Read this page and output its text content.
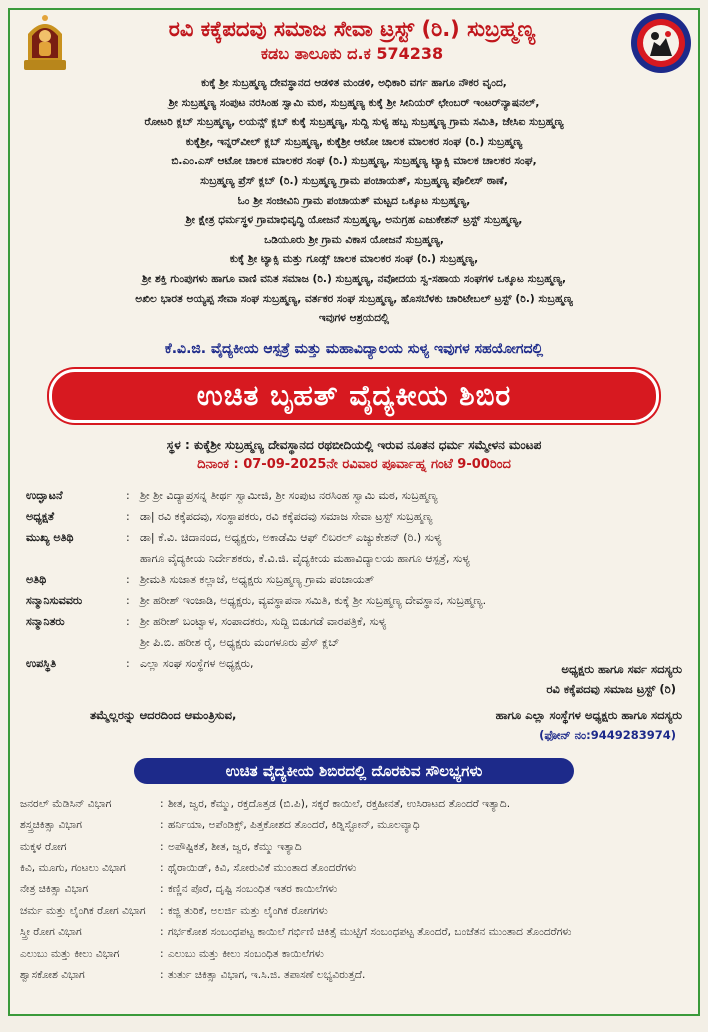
ರವಿ ಕಕ್ಕೆಪದವು ಸಮಾಜ ಸೇವಾ ಟ್ರಸ್ಟ್ (ರಿ.) ಸುಬ್ರಹ್ಮಣ್ಯ
ಕಡಬ ತಾಲೂಕು ದ.ಕ 574238
ಕುಕ್ಕೆ ಶ್ರೀ ಸುಬ್ರಹ್ಮಣ್ಯ ದೇವಸ್ಥಾನದ ಆಡಳಿತ ಮಂಡಳಿ, ಅಧಿಕಾರಿ ವರ್ಗ ಹಾಗೂ ನೌಕರ ವೃಂದ,
ಶ್ರೀ ಸುಬ್ರಹ್ಮಣ್ಯ ಸಂಪುಟ ನರಸಿಂಹ ಸ್ವಾಮಿ ಮಠ, ಸುಬ್ರಹ್ಮಣ್ಯ ಕುಕ್ಕೆ ಶ್ರೀ ಸೀನಿಯರ್ ಛೇಂಬರ್ ಇಂಟರ್‌ನ್ಯಾಷನಲ್,
ರೋಟರಿ ಕ್ಲಬ್ ಸುಬ್ರಹ್ಮಣ್ಯ, ಲಯನ್ಸ್ ಕ್ಲಬ್ ಕುಕ್ಕೆ ಸುಬ್ರಹ್ಮಣ್ಯ, ಸುದ್ದಿ ಸುಳ್ಯ ಹಬ್ಬ ಸುಬ್ರಹ್ಮಣ್ಯ ಗ್ರಾಮ ಸಮಿತಿ, ಜೇಸಿಐ ಸುಬ್ರಹ್ಮಣ್ಯ
ಕುಕ್ಕೆಶ್ರೀ, ಇನ್ನರ್‌ವೀಲ್ ಕ್ಲಬ್ ಸುಬ್ರಹ್ಮಣ್ಯ, ಕುಕ್ಕೆಶ್ರೀ ಆಟೋ ಚಾಲಕ ಮಾಲಕರ ಸಂಘ (ರಿ.) ಸುಬ್ರಹ್ಮಣ್ಯ
ಬಿ.ಎಂ.ಎಸ್ ಆಟೋ ಚಾಲಕ ಮಾಲಕರ ಸಂಘ (ರಿ.) ಸುಬ್ರಹ್ಮಣ್ಯ, ಸುಬ್ರಹ್ಮಣ್ಯ ಟ್ಯಾಕ್ಸಿ ಮಾಲಕ ಚಾಲಕರ ಸಂಘ,
ಸುಬ್ರಹ್ಮಣ್ಯ ಪ್ರೆಸ್ ಕ್ಲಬ್ (ರಿ.) ಸುಬ್ರಹ್ಮಣ್ಯ ಗ್ರಾಮ ಪಂಚಾಯತ್, ಸುಬ್ರಹ್ಮಣ್ಯ ಪೊಲೀಸ್ ಠಾಣೆ,
ಓಂ ಶ್ರೀ ಸಂಜೀವಿನಿ ಗ್ರಾಮ ಪಂಚಾಯತ್ ಮಟ್ಟದ ಒಕ್ಕೂಟ ಸುಬ್ರಹ್ಮಣ್ಯ,
ಶ್ರೀ ಕ್ಷೇತ್ರ ಧರ್ಮಸ್ಥಳ ಗ್ರಾಮಾಭಿವೃದ್ಧಿ ಯೋಜನೆ ಸುಬ್ರಹ್ಮಣ್ಯ, ಅನುಗ್ರಹ ಎಜುಕೇಶನ್ ಟ್ರಸ್ಟ್ ಸುಬ್ರಹ್ಮಣ್ಯ,
ಒಡಿಯೂರು ಶ್ರೀ ಗ್ರಾಮ ವಿಕಾಸ ಯೋಜನೆ ಸುಬ್ರಹ್ಮಣ್ಯ,
ಕುಕ್ಕೆ ಶ್ರೀ ಟ್ಯಾಕ್ಸಿ ಮತ್ತು ಗೂಡ್ಸ್ ಚಾಲಕ ಮಾಲಕರ ಸಂಘ (ರಿ.) ಸುಬ್ರಹ್ಮಣ್ಯ,
ಶ್ರೀ ಶಕ್ತಿ ಗುಂಪುಗಳು ಹಾಗೂ ವಾಣಿ ವನಿತ ಸಮಾಜ (ರಿ.) ಸುಬ್ರಹ್ಮಣ್ಯ, ನವೋದಯ ಸ್ವ-ಸಹಾಯ ಸಂಘಗಳ ಒಕ್ಕೂಟ ಸುಬ್ರಹ್ಮಣ್ಯ,
ಅಖಿಲ ಭಾರತ ಅಯ್ಯಪ್ಪ ಸೇವಾ ಸಂಘ ಸುಬ್ರಹ್ಮಣ್ಯ, ವರ್ತಕರ ಸಂಘ ಸುಬ್ರಹ್ಮಣ್ಯ, ಹೊಸಬೆಳಕು ಚಾರಿಟೇಬಲ್ ಟ್ರಸ್ಟ್ (ರಿ.) ಸುಬ್ರಹ್ಮಣ್ಯ
ಇವುಗಳ ಆಶ್ರಯದಲ್ಲಿ
ಕೆ.ವಿ.ಜಿ. ವೈದ್ಯಕೀಯ ಆಸ್ಪತ್ರೆ ಮತ್ತು ಮಹಾವಿದ್ಯಾಲಯ ಸುಳ್ಯ ಇವುಗಳ ಸಹಯೋಗದಲ್ಲಿ
ಉಚಿತ ಬೃಹತ್ ವೈದ್ಯಕೀಯ ಶಿಬಿರ
ಸ್ಥಳ : ಕುಕ್ಕೆಶ್ರೀ ಸುಬ್ರಹ್ಮಣ್ಯ ದೇವಸ್ಥಾನದ ರಥಬೀದಿಯಲ್ಲಿ ಇರುವ ನೂತನ ಧರ್ಮ ಸಮ್ಮೇಳನ ಮಂಟಪ
ದಿನಾಂಕ : 07-09-2025ನೇ ರವಿವಾರ ಪೂರ್ವಾಹ್ನ ಗಂಟೆ 9-00ರಿಂದ
ಉದ್ಘಾಟನೆ	: ಶ್ರೀ ಶ್ರೀ ವಿದ್ಯಾಪ್ರಸನ್ನ ತೀರ್ಥ ಸ್ವಾಮೀಜಿ, ಶ್ರೀ ಸಂಪುಟ ನರಸಿಂಹ ಸ್ವಾಮಿ ಮಠ, ಸುಬ್ರಹ್ಮಣ್ಯ
ಅಧ್ಯಕ್ಷತೆ	: ಡಾ| ರವಿ ಕಕ್ಕೆಪದವು, ಸಂಸ್ಥಾಪಕರು, ರವಿ ಕಕ್ಕೆಪದವು ಸಮಾಜ ಸೇವಾ ಟ್ರಸ್ಟ್ ಸುಬ್ರಹ್ಮಣ್ಯ
ಮುಖ್ಯ ಅತಿಥಿ	: ಡಾ| ಕೆ.ವಿ. ಚಿದಾನಂದ, ಅಧ್ಯಕ್ಷರು, ಅಕಾಡೆಮಿ ಆಫ್ ಲಿಬರಲ್ ಎಜ್ಯುಕೇಶನ್ (ರಿ.) ಸುಳ್ಯ
ಹಾಗೂ ವೈದ್ಯಕೀಯ ನಿರ್ದೇಶಕರು, ಕೆ.ವಿ.ಜಿ. ವೈದ್ಯಕೀಯ ಮಹಾವಿದ್ಯಾಲಯ ಹಾಗೂ ಆಸ್ಪತ್ರೆ, ಸುಳ್ಯ
ಅತಿಥಿ	: ಶ್ರೀಮತಿ ಸುಜಾತ ಕಲ್ಲಾಜೆ, ಅಧ್ಯಕ್ಷರು ಸುಬ್ರಹ್ಮಣ್ಯ ಗ್ರಾಮ ಪಂಚಾಯತ್
ಸನ್ಮಾನಿಸುವವರು	: ಶ್ರೀ ಹರೀಶ್ ಇಂಜಾಡಿ, ಅಧ್ಯಕ್ಷರು, ವ್ಯವಸ್ಥಾಪನಾ ಸಮಿತಿ, ಕುಕ್ಕೆ ಶ್ರೀ ಸುಬ್ರಹ್ಮಣ್ಯ ದೇವಸ್ಥಾನ, ಸುಬ್ರಹ್ಮಣ್ಯ.
ಸನ್ಮಾನಿತರು	: ಶ್ರೀ ಹರೀಶ್ ಬಂಟ್ವಾಳ, ಸಂಪಾದಕರು, ಸುದ್ದಿ ಬಿಡುಗಡೆ ವಾರಪತ್ರಿಕೆ, ಸುಳ್ಯ
ಶ್ರೀ ಪಿ.ಬಿ. ಹರೀಶ ರೈ, ಅಧ್ಯಕ್ಷರು ಮಂಗಳೂರು ಪ್ರೆಸ್ ಕ್ಲಬ್
ಉಪಸ್ಥಿತಿ	: ಎಲ್ಲಾ ಸಂಘ ಸಂಸ್ಥೆಗಳ ಅಧ್ಯಕ್ಷರು,	ಅಧ್ಯಕ್ಷರು ಹಾಗೂ ಸರ್ವ ಸದಸ್ಯರು
ರವಿ ಕಕ್ಕೆಪದವು ಸಮಾಜ ಟ್ರಸ್ಟ್ (ರಿ)
ತಮ್ಮೆಲ್ಲರನ್ನು ಆದರದಿಂದ ಆಮಂತ್ರಿಸುವ,	ಹಾಗೂ ಎಲ್ಲಾ ಸಂಸ್ಥೆಗಳ ಅಧ್ಯಕ್ಷರು ಹಾಗೂ ಸದಸ್ಯರು
(ಫೋನ್ ನಂ:9449283974)
ಉಚಿತ ವೈದ್ಯಕೀಯ ಶಿಬಿರದಲ್ಲಿ ದೊರಕುವ ಸೌಲಭ್ಯಗಳು
ಜನರಲ್ ಮೆಡಿಸಿನ್ ವಿಭಾಗ	: ಶೀತ, ಜ್ವರ, ಕೆಮ್ಮು, ರಕ್ತದೊತ್ತಡ (ಬಿ.ಪಿ), ಸಕ್ಕರೆ ಕಾಯಿಲೆ, ರಕ್ತಹೀನತೆ, ಉಸಿರಾಟದ ತೊಂದರೆ ಇತ್ಯಾದಿ.
ಶಸ್ತ್ರಚಿಕಿತ್ಸಾ ವಿಭಾಗ	: ಹರ್ನಿಯಾ, ಅಪೆಂಡಿಕ್ಸ್, ಪಿತ್ತಕೋಶದ ತೊಂದರೆ, ಕಿಡ್ನಿಸ್ಟೋನ್, ಮೂಲವ್ಯಾಧಿ
ಮಕ್ಕಳ ರೋಗ	: ಅಪೌಷ್ಟಿಕತೆ, ಶೀತ, ಜ್ವರ, ಕೆಮ್ಮು ಇತ್ಯಾದಿ
ಕಿವಿ, ಮೂಗು, ಗಂಟಲು ವಿಭಾಗ	: ಥೈರಾಯಿಡ್, ಕಿವಿ, ಸೋರುವಿಕೆ ಮುಂತಾದ ತೊಂದರೆಗಳು
ನೇತ್ರ ಚಿಕಿತ್ಸಾ ವಿಭಾಗ	: ಕಣ್ಣಿನ ಪೊರೆ, ದೃಷ್ಟಿ ಸಂಬಂಧಿತ ಇತರ ಕಾಯಿಲೆಗಳು
ಚರ್ಮ ಮತ್ತು ಲೈಂಗಿಕ ರೋಗ ವಿಭಾಗ	: ಕಜ್ಜಿ ತುರಿಕೆ, ಅಲರ್ಜಿ ಮತ್ತು ಲೈಂಗಿಕ ರೋಗಗಳು
ಸ್ತ್ರೀ ರೋಗ ವಿಭಾಗ	: ಗರ್ಭಕೋಶ ಸಂಬಂಧಪಟ್ಟ ಕಾಯಿಲೆ ಗರ್ಭಿಣಿ ಚಿಕಿತ್ಸೆ ಮುಟ್ಟಿಗೆ ಸಂಬಂಧಪಟ್ಟ ತೊಂದರೆ, ಬಂಜೆತನ ಮುಂತಾದ ತೊಂದರೆಗಳು
ಎಲುಬು ಮತ್ತು ಕೀಲು ವಿಭಾಗ	: ಎಲುಬು ಮತ್ತು ಕೀಲು ಸಂಬಂಧಿತ ಕಾಯಿಲೆಗಳು
ಶ್ವಾಸಕೋಶ ವಿಭಾಗ	: ತುರ್ತು ಚಿಕಿತ್ಸಾ ವಿಭಾಗ, ಇ.ಸಿ.ಜಿ. ತಪಾಸಣೆ ಲಭ್ಯವಿರುತ್ತದೆ.
